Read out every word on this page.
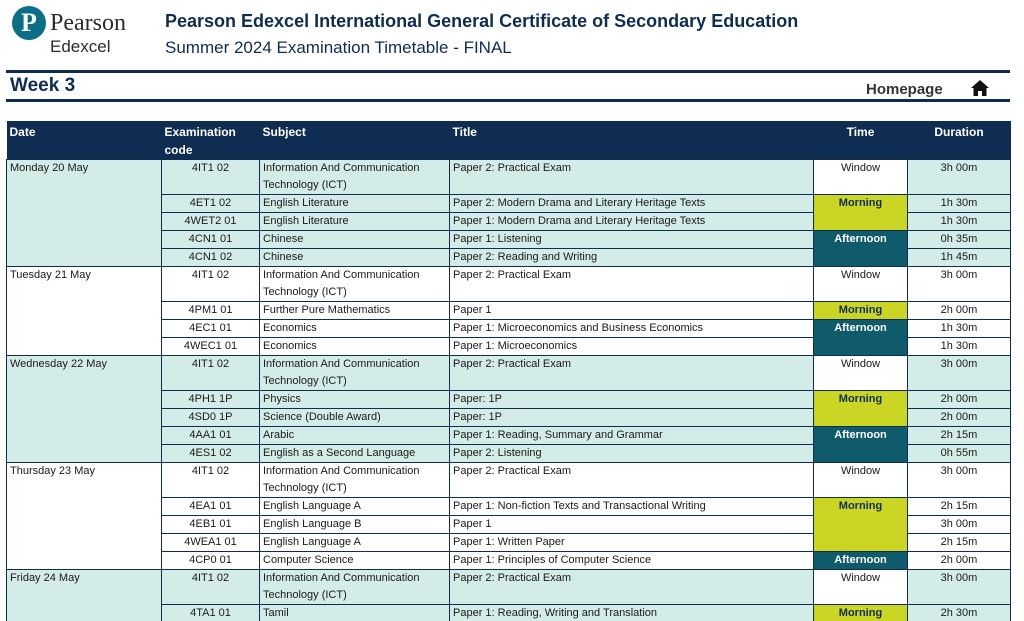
P Pearson
Edexcel
Pearson Edexcel International General Certificate of Secondary Education
Summer 2024 Examination Timetable - FINAL
Week 3	Homepage
Date	Examination code	Subject	Title	Time	Duration
Monday 20 May	4IT1 02	Information And Communication Technology (ICT)	Paper 2: Practical Exam	Window	3h 00m
	4ET1 02	English Literature	Paper 2: Modern Drama and Literary Heritage Texts	Morning	1h 30m
	4WET2 01	English Literature	Paper 1: Modern Drama and Literary Heritage Texts		1h 30m
	4CN1 01	Chinese	Paper 1: Listening	Afternoon	0h 35m
	4CN1 02	Chinese	Paper 2: Reading and Writing		1h 45m
Tuesday 21 May	4IT1 02	Information And Communication Technology (ICT)	Paper 2: Practical Exam	Window	3h 00m
	4PM1 01	Further Pure Mathematics	Paper 1	Morning	2h 00m
	4EC1 01	Economics	Paper 1: Microeconomics and Business Economics	Afternoon	1h 30m
	4WEC1 01	Economics	Paper 1: Microeconomics		1h 30m
Wednesday 22 May	4IT1 02	Information And Communication Technology (ICT)	Paper 2: Practical Exam	Window	3h 00m
	4PH1 1P	Physics	Paper: 1P	Morning	2h 00m
	4SD0 1P	Science (Double Award)	Paper: 1P		2h 00m
	4AA1 01	Arabic	Paper 1: Reading, Summary and Grammar	Afternoon	2h 15m
	4ES1 02	English as a Second Language	Paper 2: Listening		0h 55m
Thursday 23 May	4IT1 02	Information And Communication Technology (ICT)	Paper 2: Practical Exam	Window	3h 00m
	4EA1 01	English Language A	Paper 1: Non-fiction Texts and Transactional Writing	Morning	2h 15m
	4EB1 01	English Language B	Paper 1		3h 00m
	4WEA1 01	English Language A	Paper 1: Written Paper		2h 15m
	4CP0 01	Computer Science	Paper 1: Principles of Computer Science	Afternoon	2h 00m
Friday 24 May	4IT1 02	Information And Communication Technology (ICT)	Paper 2: Practical Exam	Window	3h 00m
	4TA1 01	Tamil	Paper 1: Reading, Writing and Translation	Morning	2h 30m
